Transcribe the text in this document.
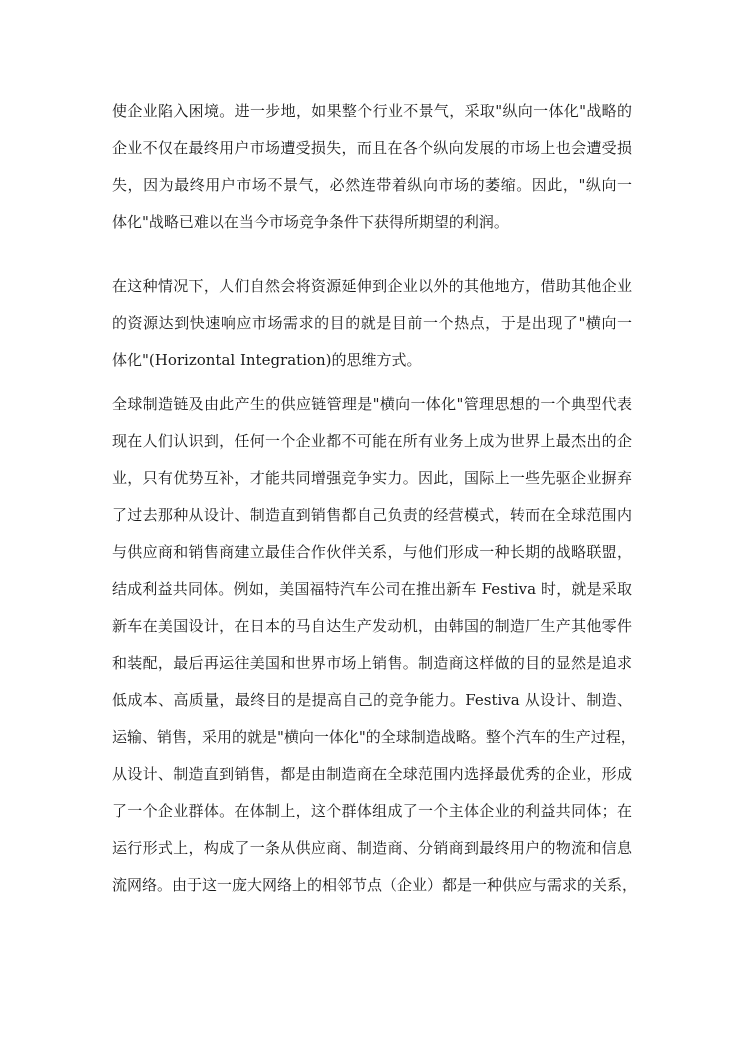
使企业陷入困境。进一步地，如果整个行业不景气，采取"纵向一体化"战略的
企业不仅在最终用户市场遭受损失，而且在各个纵向发展的市场上也会遭受损
失，因为最终用户市场不景气，必然连带着纵向市场的萎缩。因此，"纵向一
体化"战略已难以在当今市场竞争条件下获得所期望的利润。
在这种情况下，人们自然会将资源延伸到企业以外的其他地方，借助其他企业
的资源达到快速响应市场需求的目的就是目前一个热点，于是出现了"横向一
体化"(Horizontal Integration)的思维方式。
全球制造链及由此产生的供应链管理是"横向一体化"管理思想的一个典型代表
现在人们认识到，任何一个企业都不可能在所有业务上成为世界上最杰出的企
业，只有优势互补，才能共同增强竞争实力。因此，国际上一些先驱企业摒弃
了过去那种从设计、制造直到销售都自己负责的经营模式，转而在全球范围内
与供应商和销售商建立最佳合作伙伴关系，与他们形成一种长期的战略联盟，
结成利益共同体。例如，美国福特汽车公司在推出新车 Festiva 时，就是采取
新车在美国设计，在日本的马自达生产发动机，由韩国的制造厂生产其他零件
和装配，最后再运往美国和世界市场上销售。制造商这样做的目的显然是追求
低成本、高质量，最终目的是提高自己的竞争能力。Festiva 从设计、制造、
运输、销售，采用的就是"横向一体化"的全球制造战略。整个汽车的生产过程，
从设计、制造直到销售，都是由制造商在全球范围内选择最优秀的企业，形成
了一个企业群体。在体制上，这个群体组成了一个主体企业的利益共同体；在
运行形式上，构成了一条从供应商、制造商、分销商到最终用户的物流和信息
流网络。由于这一庞大网络上的相邻节点（企业）都是一种供应与需求的关系，
